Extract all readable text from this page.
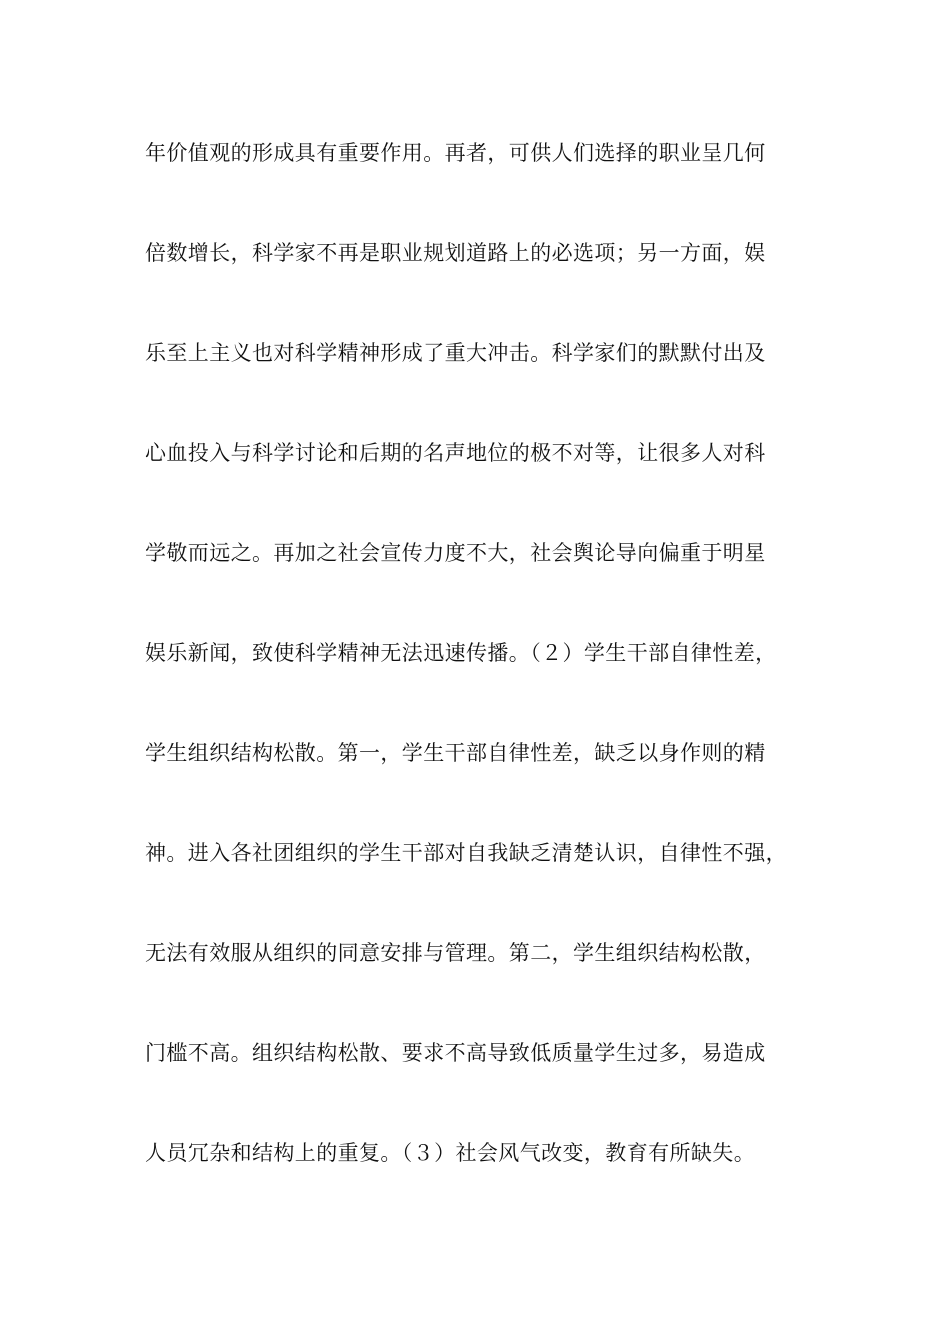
年价值观的形成具有重要作用。再者，可供人们选择的职业呈几何
倍数增长，科学家不再是职业规划道路上的必选项；另一方面，娱
乐至上主义也对科学精神形成了重大冲击。科学家们的默默付出及
心血投入与科学讨论和后期的名声地位的极不对等，让很多人对科
学敬而远之。再加之社会宣传力度不大，社会舆论导向偏重于明星
娱乐新闻，致使科学精神无法迅速传播。（２）学生干部自律性差，
学生组织结构松散。第一，学生干部自律性差，缺乏以身作则的精
神。进入各社团组织的学生干部对自我缺乏清楚认识，自律性不强，
无法有效服从组织的同意安排与管理。第二，学生组织结构松散，
门槛不高。组织结构松散、要求不高导致低质量学生过多，易造成
人员冗杂和结构上的重复。（３）社会风气改变，教育有所缺失。
